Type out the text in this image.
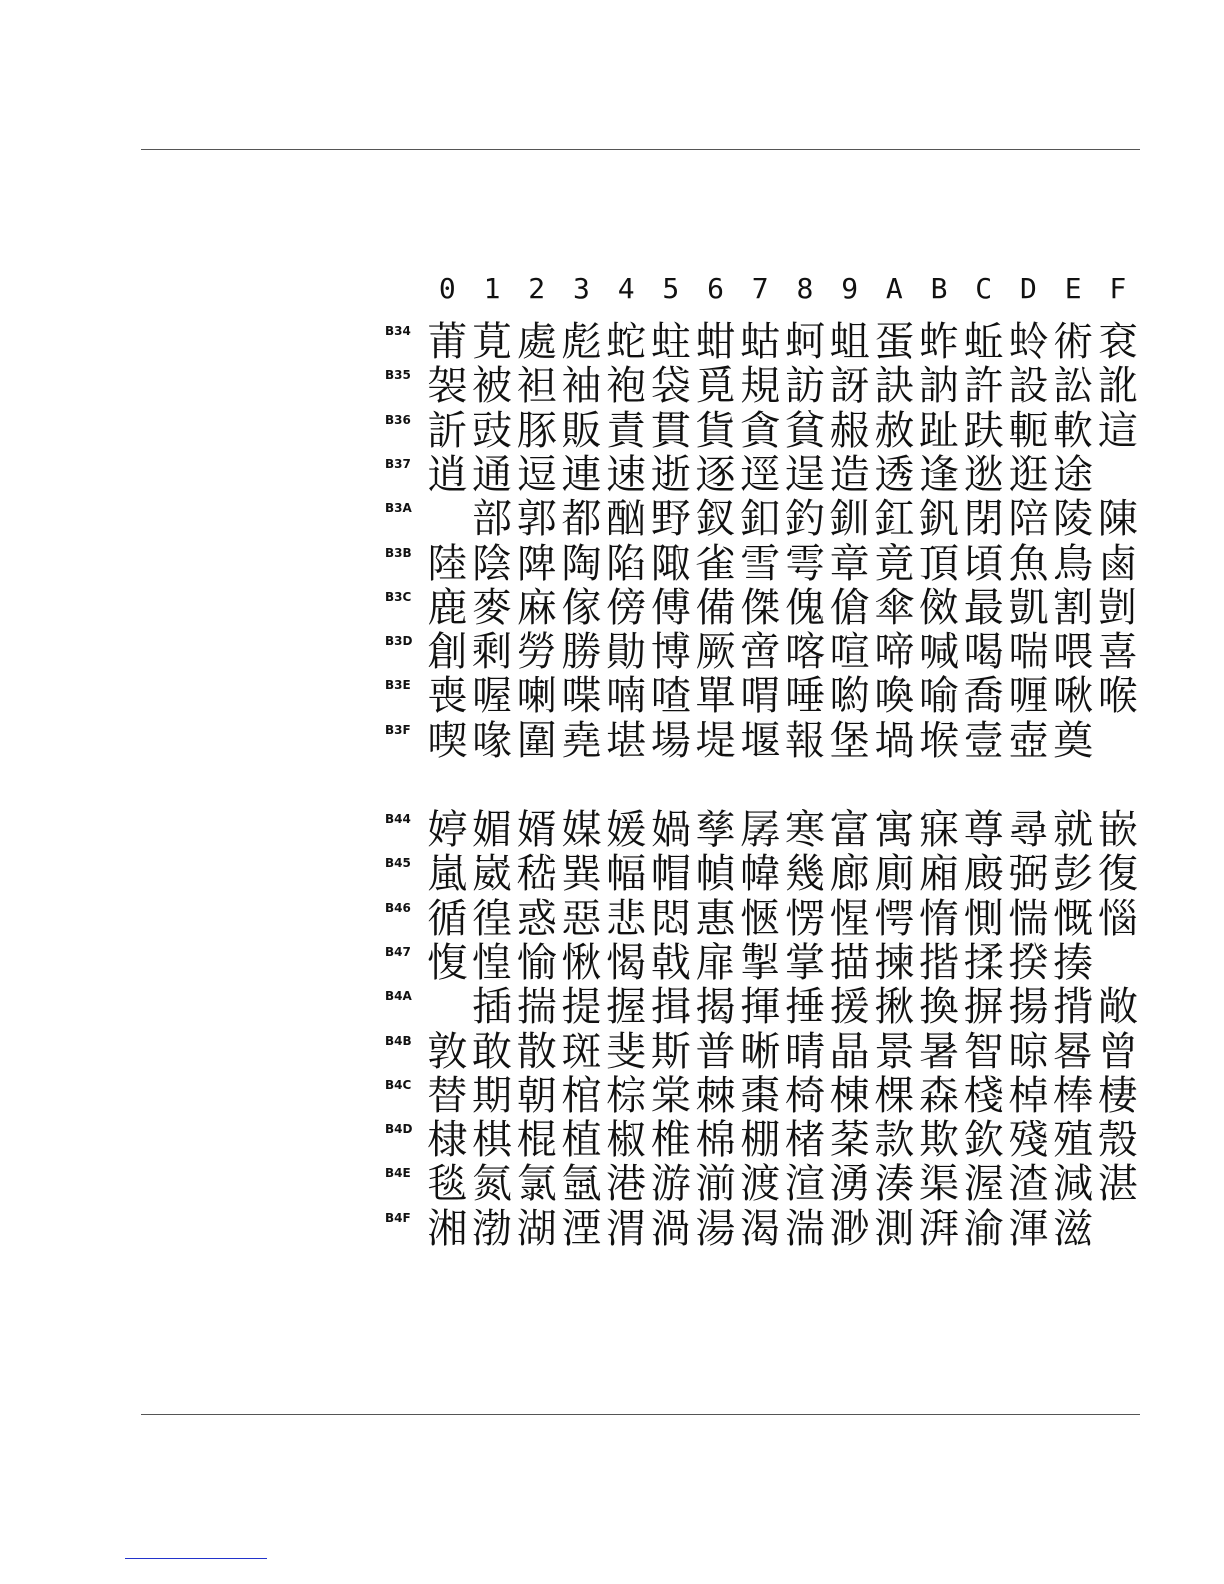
0 1 2 3 4 5 6 7 8 9 A B C D E F
B34 莆 莧 處 彪 蛇 蛀 蚶 蛄 蚵 蛆 蛋 蚱 蚯 蛉 術 袞
B35 袈 被 袒 袖 袍 袋 覓 規 訪 訝 訣 訥 許 設 訟 訛
B36 訢 豉 豚 販 責 貫 貨 貪 貧 赧 赦 趾 趺 軛 軟 這
B37 逍 通 逗 連 速 逝 逐 逕 逞 造 透 逢 逖 逛 途
B3A 部 郭 都 酗 野 釵 釦 釣 釧 釭 釩 閉 陪 陵 陳
B3B 陸 陰 陴 陶 陷 陬 雀 雪 雩 章 竟 頂 頃 魚 鳥 鹵
B3C 鹿 麥 麻 傢 傍 傅 備 傑 傀 傖 傘 傚 最 凱 割 剴
B3D 創 剩 勞 勝 勛 博 厥 啻 喀 喧 啼 喊 喝 喘 喂 喜
B3E 喪 喔 喇 喋 喃 喳 單 喟 唾 喲 喚 喻 喬 喱 啾 喉
B3F 喫 喙 圍 堯 堪 場 堤 堰 報 堡 堝 堠 壹 壺 奠
B44 婷 媚 婿 媒 媛 媧 孳 孱 寒 富 寓 寐 尊 尋 就 嵌
B45 嵐 崴 嵇 巽 幅 帽 幀 幃 幾 廊 廁 廂 廄 弼 彭 復
B46 循 徨 惑 惡 悲 悶 惠 愜 愣 惺 愕 惰 惻 惴 慨 惱
B47 愎 惶 愉 愀 愒 戟 扉 掣 掌 描 揀 揩 揉 揆 揍
B4A 插 揣 提 握 揖 揭 揮 捶 援 揪 換 摒 揚 揹 敞
B4B 敦 敢 散 斑 斐 斯 普 晰 晴 晶 景 暑 智 晾 晷 曾
B4C 替 期 朝 棺 棕 棠 棘 棗 椅 棟 棵 森 棧 棹 棒 棲
B4D 棣 棋 棍 植 椒 椎 棉 棚 楮 棻 款 欺 欽 殘 殖 殼
B4E 毯 氮 氯 氬 港 游 湔 渡 渲 湧 湊 渠 渥 渣 減 湛
B4F 湘 渤 湖 湮 渭 渦 湯 渴 湍 渺 測 湃 渝 渾 滋
